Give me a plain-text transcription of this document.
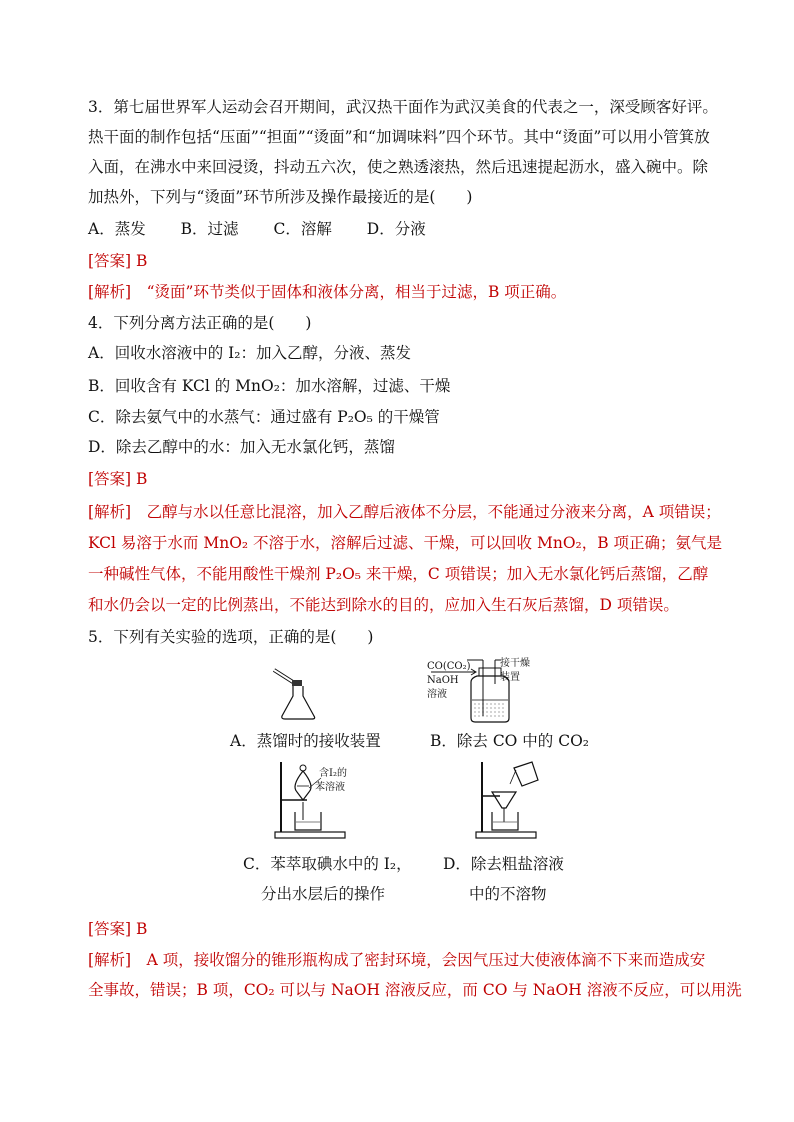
3．第七届世界军人运动会召开期间，武汉热干面作为武汉美食的代表之一，深受顾客好评。
热干面的制作包括“压面”“担面”“烫面”和“加调味料”四个环节。其中“烫面”可以用小管箕放
入面，在沸水中来回浸烫，抖动五六次，使之熟透滚热，然后迅速提起沥水，盛入碗中。除
加热外，下列与“烫面”环节所涉及操作最接近的是(　　)
A．蒸发 B．过滤 C．溶解 D．分液
[答案] B
[解析]　“烫面”环节类似于固体和液体分离，相当于过滤，B 项正确。
4．下列分离方法正确的是(　　)
A．回收水溶液中的 I₂：加入乙醇，分液、蒸发
B．回收含有 KCl 的 MnO₂：加水溶解，过滤、干燥
C．除去氨气中的水蒸气：通过盛有 P₂O₅ 的干燥管
D．除去乙醇中的水：加入无水氯化钙，蒸馏
[答案] B
[解析]　乙醇与水以任意比混溶，加入乙醇后液体不分层，不能通过分液来分离，A 项错误；
KCl 易溶于水而 MnO₂ 不溶于水，溶解后过滤、干燥，可以回收 MnO₂，B 项正确；氨气是
一种碱性气体，不能用酸性干燥剂 P₂O₅ 来干燥，C 项错误；加入无水氯化钙后蒸馏，乙醇
和水仍会以一定的比例蒸出，不能达到除水的目的，应加入生石灰后蒸馏，D 项错误。
5．下列有关实验的选项，正确的是(　　)
CO(CO₂)
NaOH
溶液
接干燥
装置
A．蒸馏时的接收装置	B．除去 CO 中的 CO₂
含I₂的
苯溶液
C．苯萃取碘水中的 I₂， D．除去粗盐溶液
分出水层后的操作	中的不溶物
[答案] B
[解析]　A 项，接收馏分的锥形瓶构成了密封环境，会因气压过大使液体滴不下来而造成安
全事故，错误；B 项，CO₂ 可以与 NaOH 溶液反应，而 CO 与 NaOH 溶液不反应，可以用洗
